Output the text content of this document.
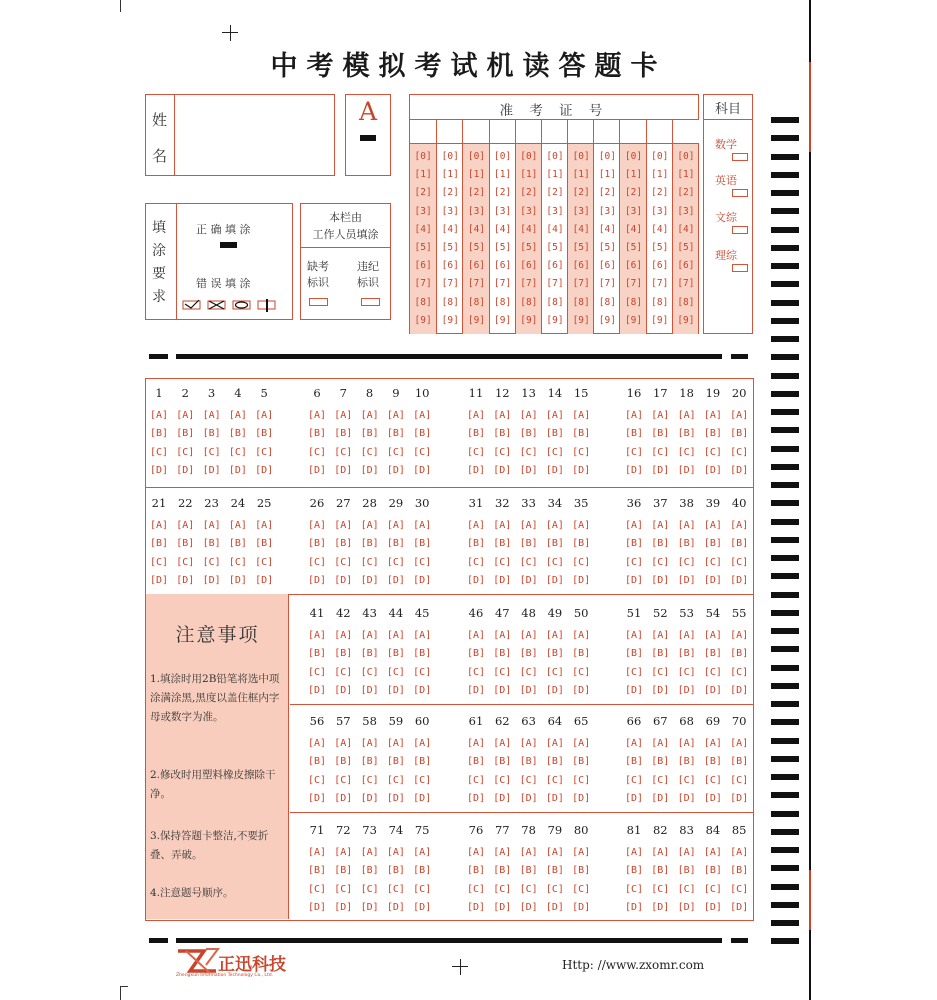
中考模拟考试机读答题卡
姓
名
A	准 考 证 号
[0]
[1]
[2]
[3]
[4]
[5]
[6]
[7]
[8]
[9]
[0]
[1]
[2]
[3]
[4]
[5]
[6]
[7]
[8]
[9]
[0]
[1]
[2]
[3]
[4]
[5]
[6]
[7]
[8]
[9]
[0]
[1]
[2]
[3]
[4]
[5]
[6]
[7]
[8]
[9]
[0]
[1]
[2]
[3]
[4]
[5]
[6]
[7]
[8]
[9]
[0]
[1]
[2]
[3]
[4]
[5]
[6]
[7]
[8]
[9]
[0]
[1]
[2]
[3]
[4]
[5]
[6]
[7]
[8]
[9]
[0]
[1]
[2]
[3]
[4]
[5]
[6]
[7]
[8]
[9]
[0]
[1]
[2]
[3]
[4]
[5]
[6]
[7]
[8]
[9]
[0]
[1]
[2]
[3]
[4]
[5]
[6]
[7]
[8]
[9]
[0]
[1]
[2]
[3]
[4]
[5]
[6]
[7]
[8]
[9]
科目
数学
英语
文综
理综
填
涂
要
求
正 确 填 涂
错 误 填 涂
本栏由
工作人员填涂
缺考
标识
违纪
标识
注意事项
1.填涂时用2B铅笔将选中项涂满涂黑,黑度以盖住框内字母或数字为准。
2.修改时用塑料橡皮擦除干净。
3.保持答题卡整洁,不要折叠、弄破。
4.注意题号顺序。
1
[A]
[B]
[C]
[D]
2
[A]
[B]
[C]
[D]
3
[A]
[B]
[C]
[D]
4
[A]
[B]
[C]
[D]
5
[A]
[B]
[C]
[D]
6
[A]
[B]
[C]
[D]
7
[A]
[B]
[C]
[D]
8
[A]
[B]
[C]
[D]
9
[A]
[B]
[C]
[D]
10
[A]
[B]
[C]
[D]
11
[A]
[B]
[C]
[D]
12
[A]
[B]
[C]
[D]
13
[A]
[B]
[C]
[D]
14
[A]
[B]
[C]
[D]
15
[A]
[B]
[C]
[D]
16
[A]
[B]
[C]
[D]
17
[A]
[B]
[C]
[D]
18
[A]
[B]
[C]
[D]
19
[A]
[B]
[C]
[D]
20
[A]
[B]
[C]
[D]
21
[A]
[B]
[C]
[D]
22
[A]
[B]
[C]
[D]
23
[A]
[B]
[C]
[D]
24
[A]
[B]
[C]
[D]
25
[A]
[B]
[C]
[D]
26
[A]
[B]
[C]
[D]
27
[A]
[B]
[C]
[D]
28
[A]
[B]
[C]
[D]
29
[A]
[B]
[C]
[D]
30
[A]
[B]
[C]
[D]
31
[A]
[B]
[C]
[D]
32
[A]
[B]
[C]
[D]
33
[A]
[B]
[C]
[D]
34
[A]
[B]
[C]
[D]
35
[A]
[B]
[C]
[D]
36
[A]
[B]
[C]
[D]
37
[A]
[B]
[C]
[D]
38
[A]
[B]
[C]
[D]
39
[A]
[B]
[C]
[D]
40
[A]
[B]
[C]
[D]
41
[A]
[B]
[C]
[D]
42
[A]
[B]
[C]
[D]
43
[A]
[B]
[C]
[D]
44
[A]
[B]
[C]
[D]
45
[A]
[B]
[C]
[D]
46
[A]
[B]
[C]
[D]
47
[A]
[B]
[C]
[D]
48
[A]
[B]
[C]
[D]
49
[A]
[B]
[C]
[D]
50
[A]
[B]
[C]
[D]
51
[A]
[B]
[C]
[D]
52
[A]
[B]
[C]
[D]
53
[A]
[B]
[C]
[D]
54
[A]
[B]
[C]
[D]
55
[A]
[B]
[C]
[D]
56
[A]
[B]
[C]
[D]
57
[A]
[B]
[C]
[D]
58
[A]
[B]
[C]
[D]
59
[A]
[B]
[C]
[D]
60
[A]
[B]
[C]
[D]
61
[A]
[B]
[C]
[D]
62
[A]
[B]
[C]
[D]
63
[A]
[B]
[C]
[D]
64
[A]
[B]
[C]
[D]
65
[A]
[B]
[C]
[D]
66
[A]
[B]
[C]
[D]
67
[A]
[B]
[C]
[D]
68
[A]
[B]
[C]
[D]
69
[A]
[B]
[C]
[D]
70
[A]
[B]
[C]
[D]
71
[A]
[B]
[C]
[D]
72
[A]
[B]
[C]
[D]
73
[A]
[B]
[C]
[D]
74
[A]
[B]
[C]
[D]
75
[A]
[B]
[C]
[D]
76
[A]
[B]
[C]
[D]
77
[A]
[B]
[C]
[D]
78
[A]
[B]
[C]
[D]
79
[A]
[B]
[C]
[D]
80
[A]
[B]
[C]
[D]
81
[A]
[B]
[C]
[D]
82
[A]
[B]
[C]
[D]
83
[A]
[B]
[C]
[D]
84
[A]
[B]
[C]
[D]
85
[A]
[B]
[C]
[D]
正迅科技
Zhengxun Information Technology Co., Ltd.
Http: //www.zxomr.com
